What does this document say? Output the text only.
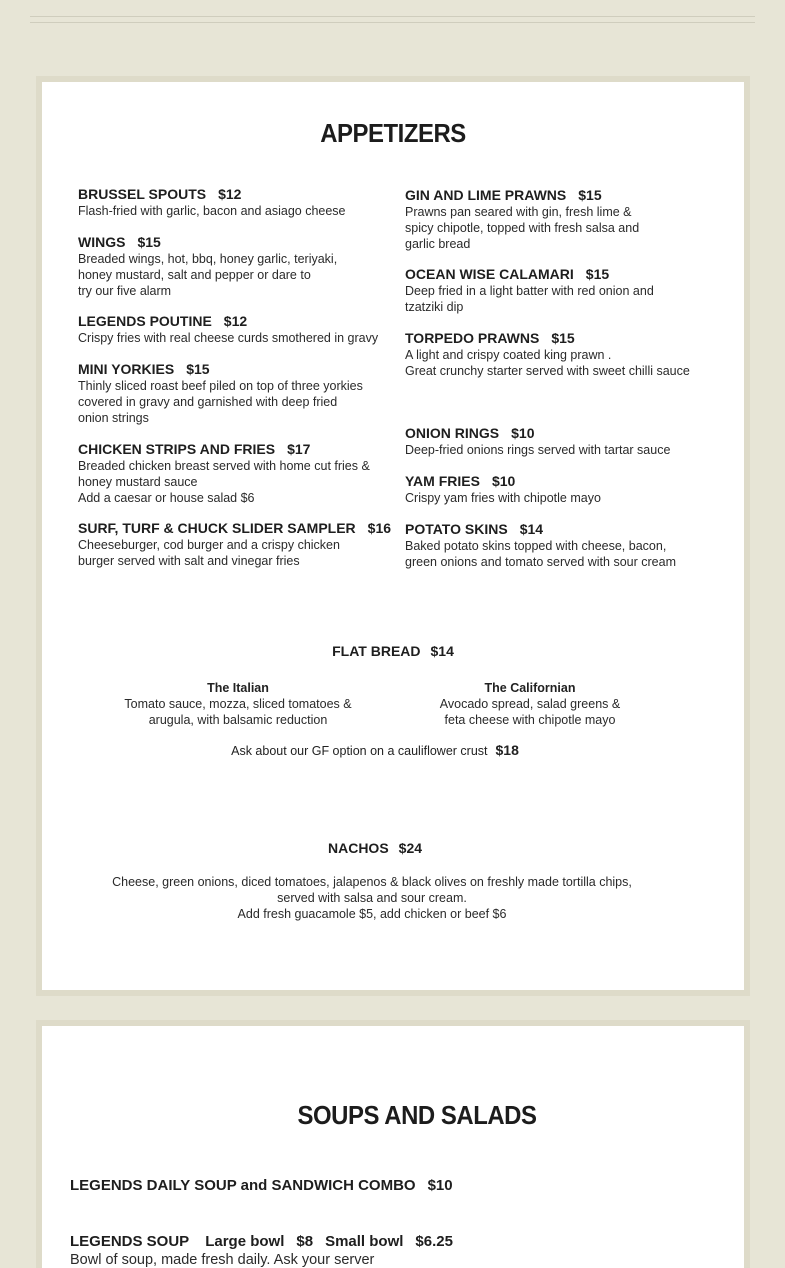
APPETIZERS
BRUSSEL SPOUTS $12
Flash-fried with garlic, bacon and asiago cheese
WINGS $15
Breaded wings, hot, bbq, honey garlic, teriyaki,
honey mustard, salt and pepper or dare to
try our five alarm
LEGENDS POUTINE $12
Crispy fries with real cheese curds smothered in gravy
MINI YORKIES $15
Thinly sliced roast beef piled on top of three yorkies
covered in gravy and garnished with deep fried
onion strings
CHICKEN STRIPS AND FRIES $17
Breaded chicken breast served with home cut fries &
honey mustard sauce
Add a caesar or house salad $6
SURF, TURF & CHUCK SLIDER SAMPLER $16
Cheeseburger, cod burger and a crispy chicken
burger served with salt and vinegar fries
GIN AND LIME PRAWNS $15
Prawns pan seared with gin, fresh lime &
spicy chipotle, topped with fresh salsa and
garlic bread
OCEAN WISE CALAMARI $15
Deep fried in a light batter with red onion and
tzatziki dip
TORPEDO PRAWNS $15
A light and crispy coated king prawn .
Great crunchy starter served with sweet chilli sauce
ONION RINGS $10
Deep-fried onions rings served with tartar sauce
YAM FRIES $10
Crispy yam fries with chipotle mayo
POTATO SKINS $14
Baked potato skins topped with cheese, bacon,
green onions and tomato served with sour cream
FLAT BREAD $14
The Italian
Tomato sauce, mozza, sliced tomatoes &
arugula, with balsamic reduction
The Californian
Avocado spread, salad greens &
feta cheese with chipotle mayo
Ask about our GF option on a cauliflower crust $18
NACHOS $24
Cheese, green onions, diced tomatoes, jalapenos & black olives on freshly made tortilla chips,
served with salsa and sour cream.
Add fresh guacamole $5, add chicken or beef $6
SOUPS AND SALADS
LEGENDS DAILY SOUP and SANDWICH COMBO $10
LEGENDS SOUP Large bowl $8 Small bowl $6.25
Bowl of soup, made fresh daily. Ask your server
